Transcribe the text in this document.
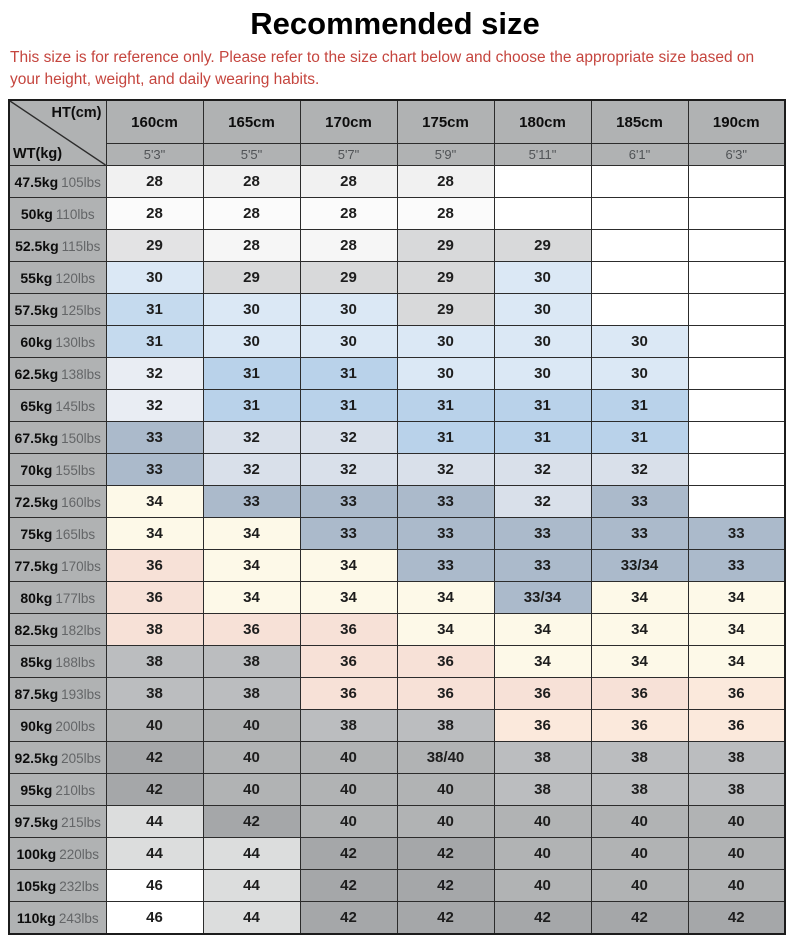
Recommended size

This size is for reference only. Please refer to the size chart below and choose the appropriate size based on your height, weight, and daily wearing habits.

HT(cm)
WT(kg)	160cm	165cm	170cm	175cm	180cm	185cm	190cm
	5'3"	5'5"	5'7"	5'9"	5'11"	6'1"	6'3"
47.5kg 105lbs	28	28	28	28			
50kg 110lbs	28	28	28	28			
52.5kg 115lbs	29	28	28	29	29		
55kg 120lbs	30	29	29	29	30		
57.5kg 125lbs	31	30	30	29	30		
60kg 130lbs	31	30	30	30	30	30	
62.5kg 138lbs	32	31	31	30	30	30	
65kg 145lbs	32	31	31	31	31	31	
67.5kg 150lbs	33	32	32	31	31	31	
70kg 155lbs	33	32	32	32	32	32	
72.5kg 160lbs	34	33	33	33	32	33	
75kg 165lbs	34	34	33	33	33	33	33
77.5kg 170lbs	36	34	34	33	33	33/34	33
80kg 177lbs	36	34	34	34	33/34	34	34
82.5kg 182lbs	38	36	36	34	34	34	34
85kg 188lbs	38	38	36	36	34	34	34
87.5kg 193lbs	38	38	36	36	36	36	36
90kg 200lbs	40	40	38	38	36	36	36
92.5kg 205lbs	42	40	40	38/40	38	38	38
95kg 210lbs	42	40	40	40	38	38	38
97.5kg 215lbs	44	42	40	40	40	40	40
100kg 220lbs	44	44	42	42	40	40	40
105kg 232lbs	46	44	42	42	40	40	40
110kg 243lbs	46	44	42	42	42	42	42
